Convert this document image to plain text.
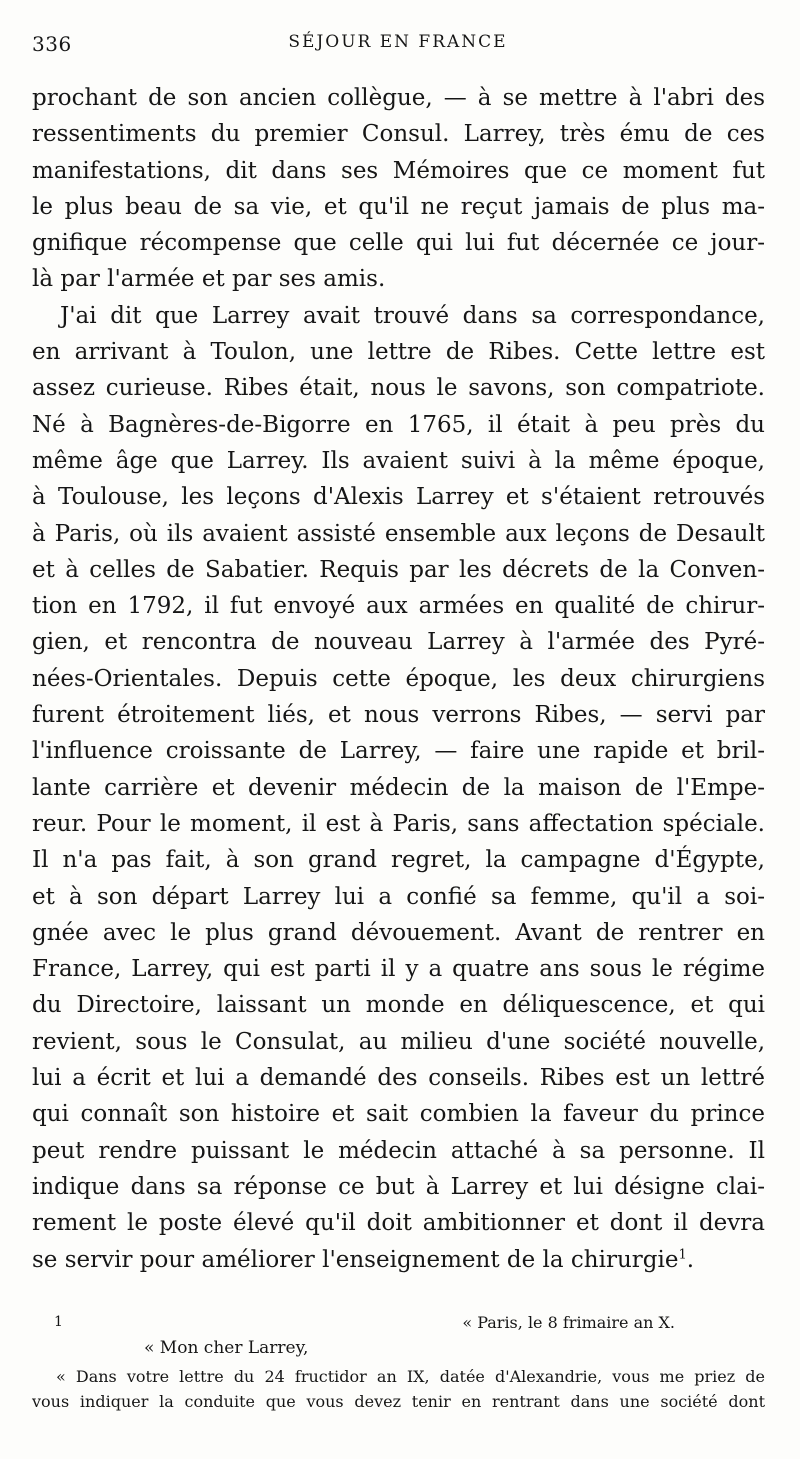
336	SÉJOUR EN FRANCE
prochant de son ancien collègue, — à se mettre à l'abri des
ressentiments du premier Consul. Larrey, très ému de ces
manifestations, dit dans ses Mémoires que ce moment fut
le plus beau de sa vie, et qu'il ne reçut jamais de plus ma-
gnifique récompense que celle qui lui fut décernée ce jour-
là par l'armée et par ses amis.
J'ai dit que Larrey avait trouvé dans sa correspondance,
en arrivant à Toulon, une lettre de Ribes. Cette lettre est
assez curieuse. Ribes était, nous le savons, son compatriote.
Né à Bagnères-de-Bigorre en 1765, il était à peu près du
même âge que Larrey. Ils avaient suivi à la même époque,
à Toulouse, les leçons d'Alexis Larrey et s'étaient retrouvés
à Paris, où ils avaient assisté ensemble aux leçons de Desault
et à celles de Sabatier. Requis par les décrets de la Conven-
tion en 1792, il fut envoyé aux armées en qualité de chirur-
gien, et rencontra de nouveau Larrey à l'armée des Pyré-
nées-Orientales. Depuis cette époque, les deux chirurgiens
furent étroitement liés, et nous verrons Ribes, — servi par
l'influence croissante de Larrey, — faire une rapide et bril-
lante carrière et devenir médecin de la maison de l'Empe-
reur. Pour le moment, il est à Paris, sans affectation spéciale.
Il n'a pas fait, à son grand regret, la campagne d'Égypte,
et à son départ Larrey lui a confié sa femme, qu'il a soi-
gnée avec le plus grand dévouement. Avant de rentrer en
France, Larrey, qui est parti il y a quatre ans sous le régime
du Directoire, laissant un monde en déliquescence, et qui
revient, sous le Consulat, au milieu d'une société nouvelle,
lui a écrit et lui a demandé des conseils. Ribes est un lettré
qui connaît son histoire et sait combien la faveur du prince
peut rendre puissant le médecin attaché à sa personne. Il
indique dans sa réponse ce but à Larrey et lui désigne clai-
rement le poste élevé qu'il doit ambitionner et dont il devra
se servir pour améliorer l'enseignement de la chirurgie$^1$.
1	« Paris, le 8 frimaire an X.
« Mon cher Larrey,
« Dans votre lettre du 24 fructidor an IX, datée d'Alexandrie, vous me priez de
vous indiquer la conduite que vous devez tenir en rentrant dans une société dont
